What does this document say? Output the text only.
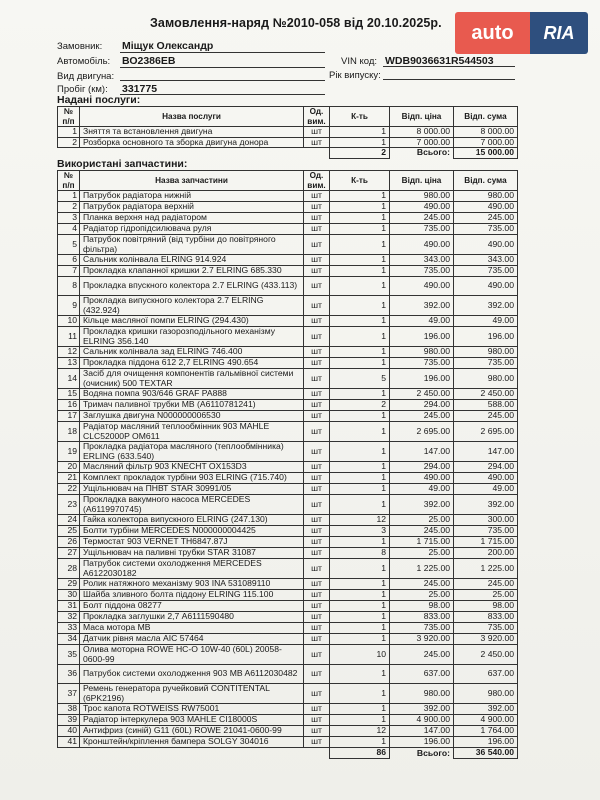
Замовлення-наряд №2010-058 від 20.10.2025р.	auto	RIA
Замовник: Міщук Олександр
Автомобіль: ВО2386ЕВ	VIN код: WDB9036631R544503
Вид двигуна:	Рік випуску:
Пробіг (км): 331775
Надані послуги:
№ п/п	Назва послуги	Од. вим.	К-ть	Відп. ціна	Відп. сума
1	Зняття та встановлення двигуна	шт	1	8 000.00	8 000.00
2	Розборка основного та зборка двигуна донора	шт	1	7 000.00	7 000.00
			2	Всього:	15 000.00
Використані запчастини:
№ п/п	Назва запчастини	Од. вим.	К-ть	Відп. ціна	Відп. сума
1	Патрубок радіатора нижній	шт	1	980.00	980.00
2	Патрубок радіатора верхній	шт	1	490.00	490.00
3	Планка верхня над радіатором	шт	1	245.00	245.00
4	Радіатор гідропідсилювача руля	шт	1	735.00	735.00
5	Патрубок повітряний (від турбіни до повітряного фільтра)	шт	1	490.00	490.00
6	Сальник колінвала ELRING 914.924	шт	1	343.00	343.00
7	Прокладка клапанної кришки 2.7 ELRING 685.330	шт	1	735.00	735.00
8	Прокладка впускного колектора 2.7 ELRING (433.113)	шт	1	490.00	490.00
9	Прокладка випускного колектора 2.7 ELRING (432.924)	шт	1	392.00	392.00
10	Кільце масляної помпи ELRING (294.430)	шт	1	49.00	49.00
11	Прокладка кришки газорозподільного механізму ELRING 356.140	шт	1	196.00	196.00
12	Сальник колінвала зад ELRING 746.400	шт	1	980.00	980.00
13	Прокладка піддона 612 2,7 ELRING 490.654	шт	1	735.00	735.00
14	Засіб для очищення компонентів гальмівної системи (очисник) 500 TEXTAR	шт	5	196.00	980.00
15	Водяна помпа 903/646 GRAF PA888	шт	1	2 450.00	2 450.00
16	Тримач паливної трубки MB (A6110781241)	шт	2	294.00	588.00
17	Заглушка двигуна N000000006530	шт	1	245.00	245.00
18	Радіатор масляний теплообмінник 903 MAHLE CLC52000P OM611	шт	1	2 695.00	2 695.00
19	Прокладка радіатора масляного (теплообмінника) ERLING (633.540)	шт	1	147.00	147.00
20	Масляний фільтр 903 KNECHT OX153D3	шт	1	294.00	294.00
21	Комплект прокладок турбіни 903 ELRING (715.740)	шт	1	490.00	490.00
22	Ущільнювач на ПНВТ STAR 30991/05	шт	1	49.00	49.00
23	Прокладка вакумного насоса MERCEDES (A6119970745)	шт	1	392.00	392.00
24	Гайка колектора випускного ELRING (247.130)	шт	12	25.00	300.00
25	Болти турбіни MERCEDES N000000004425	шт	3	245.00	735.00
26	Термостат 903 VERNET TH6847.87J	шт	1	1 715.00	1 715.00
27	Ущільнювач на паливні трубки STAR 31087	шт	8	25.00	200.00
28	Патрубок системи охолодження MERCEDES A6122030182	шт	1	1 225.00	1 225.00
29	Ролик натяжного механізму 903 INA 531089110	шт	1	245.00	245.00
30	Шайба зливного болта піддону ELRING 115.100	шт	1	25.00	25.00
31	Болт піддона 08277	шт	1	98.00	98.00
32	Прокладка заглушки 2,7 A6111590480	шт	1	833.00	833.00
33	Маса мотора MB	шт	1	735.00	735.00
34	Датчик рівня масла AIC 57464	шт	1	3 920.00	3 920.00
35	Олива моторна ROWE HC-O 10W-40 (60L) 20058-0600-99	шт	10	245.00	2 450.00
36	Патрубок системи охолодження 903 MB A6112030482	шт	1	637.00	637.00
37	Ремень генератора ручейковий CONTITENTAL (6PK2196)	шт	1	980.00	980.00
38	Трос капота ROTWEISS RW75001	шт	1	392.00	392.00
39	Радіатор інтеркулера 903 MAHLE CI18000S	шт	1	4 900.00	4 900.00
40	Антифриз (синій) G11 (60L) ROWE 21041-0600-99	шт	12	147.00	1 764.00
41	Кронштейн/кріплення бампера SOLGY 304016	шт	1	196.00	196.00
			86	Всього:	36 540.00
